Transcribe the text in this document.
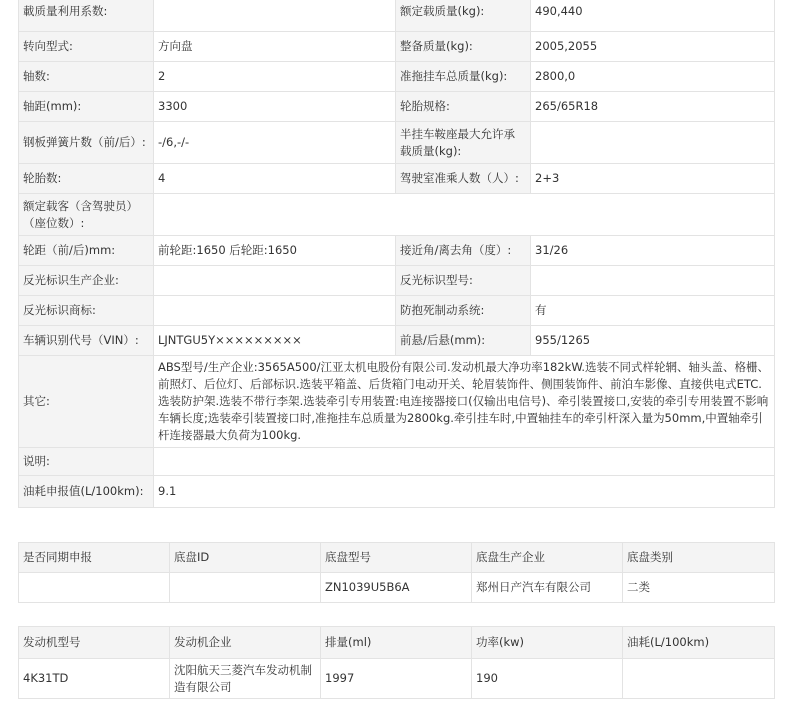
載质量利用系数:		额定载质量(kg):	490,440
转向型式:	方向盘	整备质量(kg):	2005,2055
轴数:	2	准拖挂车总质量(kg):	2800,0
轴距(mm):	3300	轮胎规格:	265/65R18
钢板弹簧片数（前/后）:	-/6,-/-	半挂车鞍座最大允许承载质量(kg):	
轮胎数:	4	驾驶室准乘人数（人）:	2+3
额定载客（含驾驶员）（座位数）:			
轮距（前/后)mm:	前轮距:1650 后轮距:1650	接近角/离去角（度）:	31/26
反光标识生产企业:		反光标识型号:	
反光标识商标:		防抱死制动系统:	有
车辆识别代号（VIN）:	LJNTGU5Y×××××××××	前悬/后悬(mm):	955/1265
其它:	ABS型号/生产企业:3565A500/江亚太机电股份有限公司.发动机最大净功率182kW.选装不同式样轮辋、轴头盖、格栅、前照灯、后位灯、后部标识.选装平箱盖、后货箱门电动开关、轮眉装饰件、侧围装饰件、前泊车影像、直接供电式ETC.选装防护架.选装不带行李架.选装牵引专用装置:电连接器接口(仅输出电信号)、牵引装置接口,安装的牵引专用装置不影响车辆长度;选装牵引装置接口时,准拖挂车总质量为2800kg.牵引挂车时,中置轴挂车的牵引杆深入量为50mm,中置轴牵引杆连接器最大负荷为100kg.		
说明:			
油耗申报值(L/100km):	9.1		
是否同期申报	底盘ID	底盘型号	底盘生产企业	底盘类别
		ZN1039U5B6A	郑州日产汽车有限公司	二类
发动机型号	发动机企业	排量(ml)	功率(kw)	油耗(L/100km)
4K31TD	沈阳航天三菱汽车发动机制造有限公司	1997	190	
